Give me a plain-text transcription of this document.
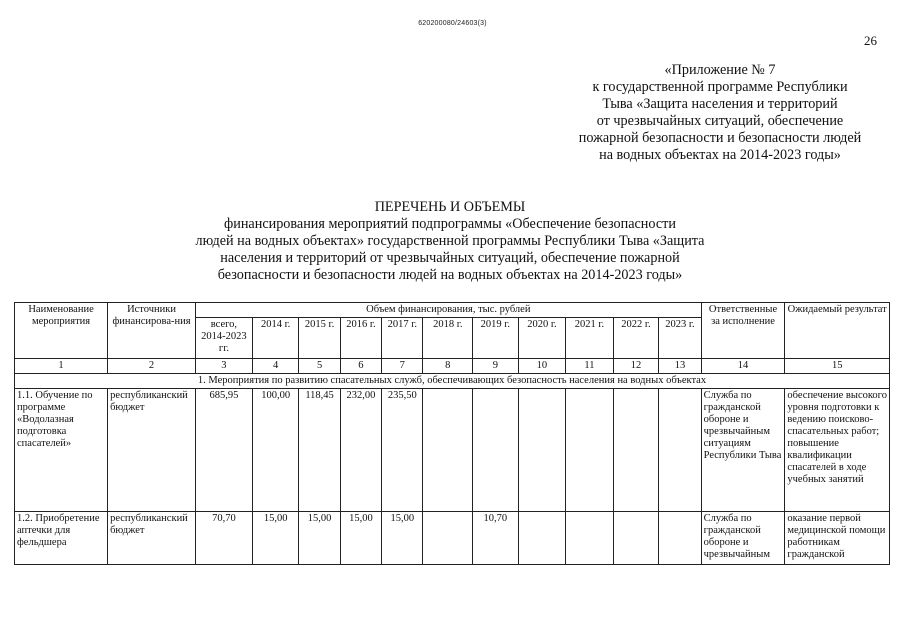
620200080/24603(3)
26
«Приложение № 7
к государственной программе Республики
Тыва «Защита населения и территорий
от чрезвычайных ситуаций, обеспечение
пожарной безопасности и безопасности людей
на водных объектах на 2014-2023 годы»
ПЕРЕЧЕНЬ И ОБЪЕМЫ
финансирования мероприятий подпрограммы «Обеспечение безопасности
людей на водных объектах» государственной программы Республики Тыва «Защита
населения и территорий от чрезвычайных ситуаций, обеспечение пожарной
безопасности и безопасности людей на водных объектах на 2014-2023 годы»
Наименование мероприятия	Источники финансирова-ния	Объем финансирования, тыс. рублей											Ответственные за исполнение	Ожидаемый результат
		всего, 2014-2023 гг.	2014 г.	2015 г.	2016 г.	2017 г.	2018 г.	2019 г.	2020 г.	2021 г.	2022 г.	2023 г.		
1	2	3	4	5	6	7	8	9	10	11	12	13	14	15
1. Мероприятия по развитию спасательных служб, обеспечивающих безопасность населения на водных объектах														
1.1. Обучение по программе «Водолазная подготовка спасателей»	республиканский бюджет	685,95	100,00	118,45	232,00	235,50							Служба по гражданской обороне и чрезвычайным ситуациям Республики Тыва	обеспечение высокого уровня подготовки к ведению поисково-спасательных работ; повышение квалификации спасателей в ходе учебных занятий
1.2. Приобретение аптечки для фельдшера	республиканский бюджет	70,70	15,00	15,00	15,00	15,00		10,70					Служба по гражданской обороне и чрезвычайным	оказание первой медицинской помощи работникам гражданской
